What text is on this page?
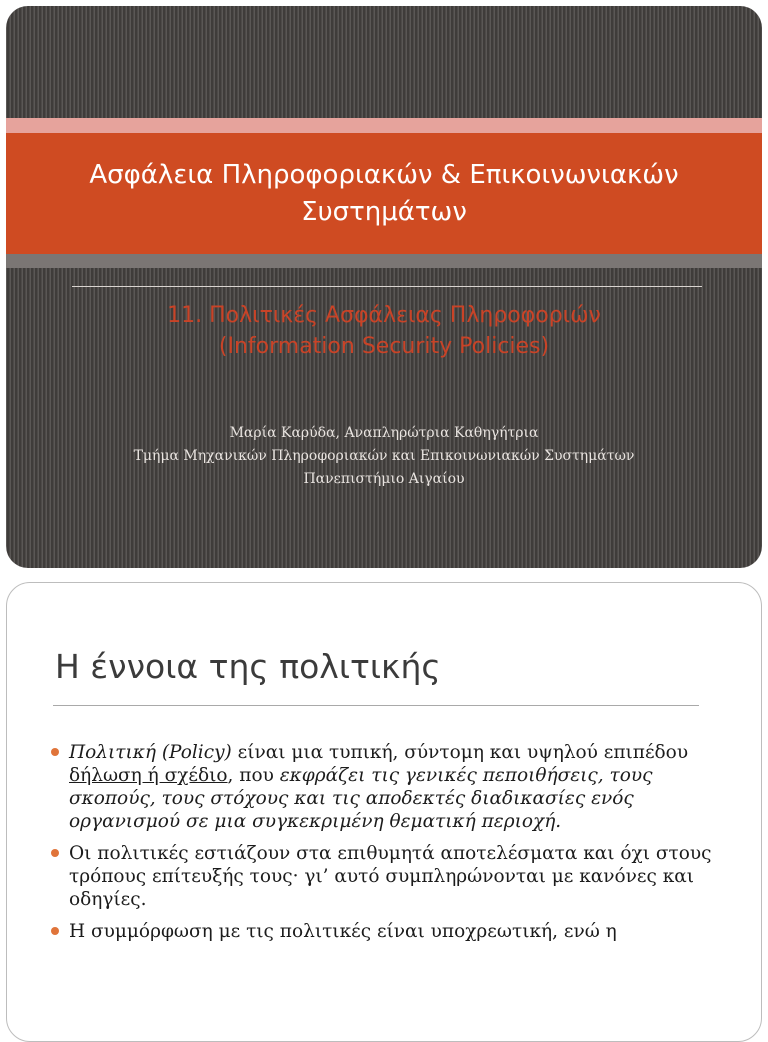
Ασφάλεια Πληροφοριακών & Επικοινωνιακών
Συστημάτων
11. Πολιτικές Ασφάλειας Πληροφοριών
(Information Security Policies)
Μαρία Καρύδα, Αναπληρώτρια Καθηγήτρια
Τμήμα Μηχανικών Πληροφοριακών και Επικοινωνιακών Συστημάτων
Πανεπιστήμιο Αιγαίου
Η έννοια της πολιτικής
Πολιτική (Policy) είναι μια τυπική, σύντομη και υψηλού επιπέδου δήλωση ή σχέδιο, που εκφράζει τις γενικές πεποιθήσεις, τους σκοπούς, τους στόχους και τις αποδεκτές διαδικασίες ενός οργανισμού σε μια συγκεκριμένη θεματική περιοχή.
Οι πολιτικές εστιάζουν στα επιθυμητά αποτελέσματα και όχι στους τρόπους επίτευξής τους· γι’ αυτό συμπληρώνονται με κανόνες και οδηγίες.
Η συμμόρφωση με τις πολιτικές είναι υποχρεωτική, ενώ η
